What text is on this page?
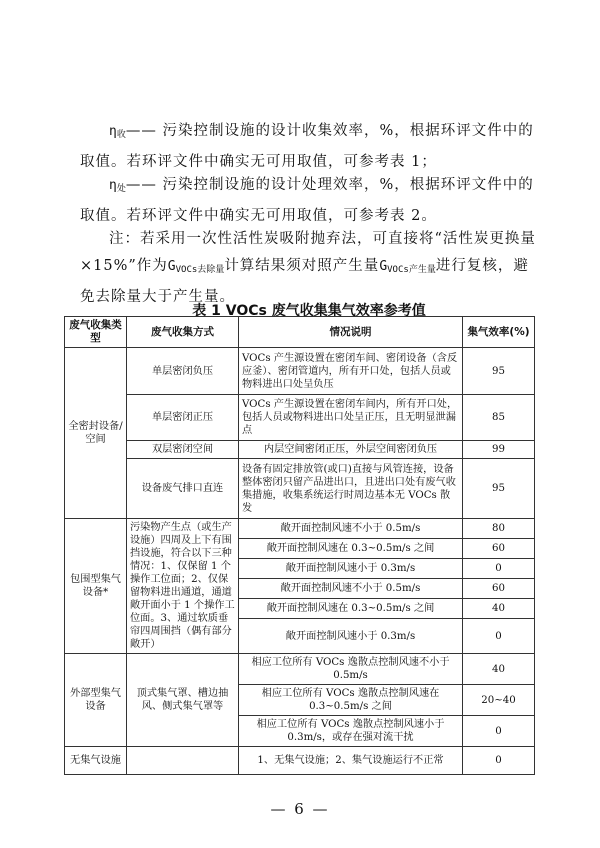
$\eta_收——$ 污染控制设施的设计收集效率，%，根据环评文件中的取值。若环评文件中确实无可用取值，可参考表 1；
$\eta_处——$ 污染控制设施的设计处理效率，%，根据环评文件中的取值。若环评文件中确实无可用取值，可参考表 2。
注：若采用一次性活性炭吸附抛弃法，可直接将“活性炭更换量×15%”作为$G_{VOCs去除量}$计算结果须对照产生量$G_{VOCs产生量}$进行复核，避免去除量大于产生量。
表 1 VOCs 废气收集集气效率参考值
废气收集类型	废气收集方式	情况说明	集气效率(%)
全密封设备/空间	单层密闭负压	VOCs 产生源设置在密闭车间、密闭设备（含反应釜）、密闭管道内，所有开口处，包括人员或物料进出口处呈负压	95
	单层密闭正压	VOCs 产生源设置在密闭车间内，所有开口处，包括人员或物料进出口处呈正压，且无明显泄漏点	85
	双层密闭空间	内层空间密闭正压，外层空间密闭负压	99
	设备废气排口直连	设备有固定排放管(或口)直接与风管连接，设备整体密闭只留产品进出口，且进出口处有废气收集措施，收集系统运行时周边基本无 VOCs 散发	95
包围型集气设备*	污染物产生点（或生产设施）四周及上下有围挡设施，符合以下三种情况：1、仅保留 1 个操作工位面；2、仅保留物料进出通道，通道敞开面小于 1 个操作工位面。3、通过软质垂帘四周围挡（偶有部分敞开）	敞开面控制风速不小于 0.5m/s	80
		敞开面控制风速在 0.3~0.5m/s 之间	60
		敞开面控制风速小于 0.3m/s	0
		敞开面控制风速不小于 0.5m/s	60
		敞开面控制风速在 0.3~0.5m/s 之间	40
		敞开面控制风速小于 0.3m/s	0
外部型集气设备	顶式集气罩、槽边抽风、侧式集气罩等	相应工位所有 VOCs 逸散点控制风速不小于 0.5m/s	40
		相应工位所有 VOCs 逸散点控制风速在 0.3~0.5m/s 之间	20~40
		相应工位所有 VOCs 逸散点控制风速小于 0.3m/s，或存在强对流干扰	0
无集气设施		1、无集气设施；2、集气设施运行不正常	0
— 6 —
